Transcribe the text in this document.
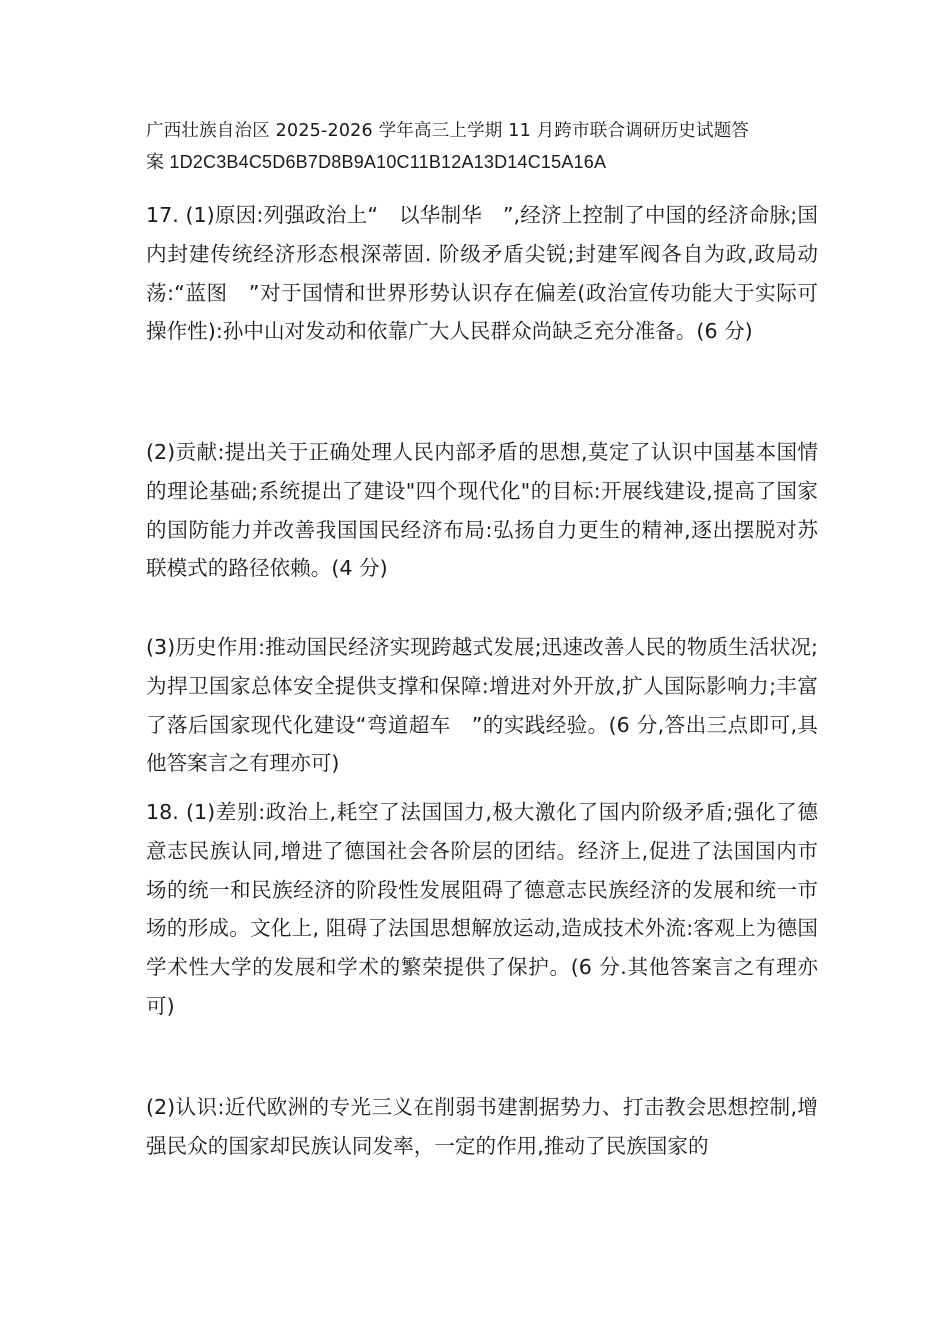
广西壮族自治区 2025-2026 学年高三上学期 11 月跨市联合调研历史试题答
案 1D2C3B4C5D6B7D8B9A10C11B12A13D14C15A16A
17. (1)原因:列强政治上“　以华制华　”,经济上控制了中国的经济命脉;国内封建传统经济形态根深蒂固. 阶级矛盾尖锐;封建军阀各自为政,政局动荡:“蓝图　”对于国情和世界形势认识存在偏差(政治宣传功能大于实际可操作性):孙中山对发动和依靠广大人民群众尚缺乏充分准备。(6 分)
(2)贡献:提出关于正确处理人民内部矛盾的思想,莫定了认识中国基本国情的理论基础;系统提出了建设"四个现代化"的目标:开展线建设,提高了国家的国防能力并改善我国国民经济布局:弘扬自力更生的精神,逐出摆脱对苏联模式的路径依赖。(4 分)
(3)历史作用:推动国民经济实现跨越式发展;迅速改善人民的物质生活状况;为捍卫国家总体安全提供支撑和保障:增进对外开放,扩人国际影响力;丰富了落后国家现代化建设“弯道超车　”的实践经验。(6 分,答出三点即可,具他答案言之有理亦可)
18. (1)差别:政治上,耗空了法国国力,极大激化了国内阶级矛盾;强化了德意志民族认同,增进了德国社会各阶层的团结。经济上,促进了法国国内市场的统一和民族经济的阶段性发展阻碍了德意志民族经济的发展和统一市场的形成。文化上, 阻碍了法国思想解放运动,造成技术外流:客观上为德国学术性大学的发展和学术的繁荣提供了保护。(6 分.其他答案言之有理亦可)
(2)认识:近代欧洲的专光三义在削弱书建割据势力、打击教会思想控制,增强民众的国家却民族认同发率，一定的作用,推动了民族国家的
